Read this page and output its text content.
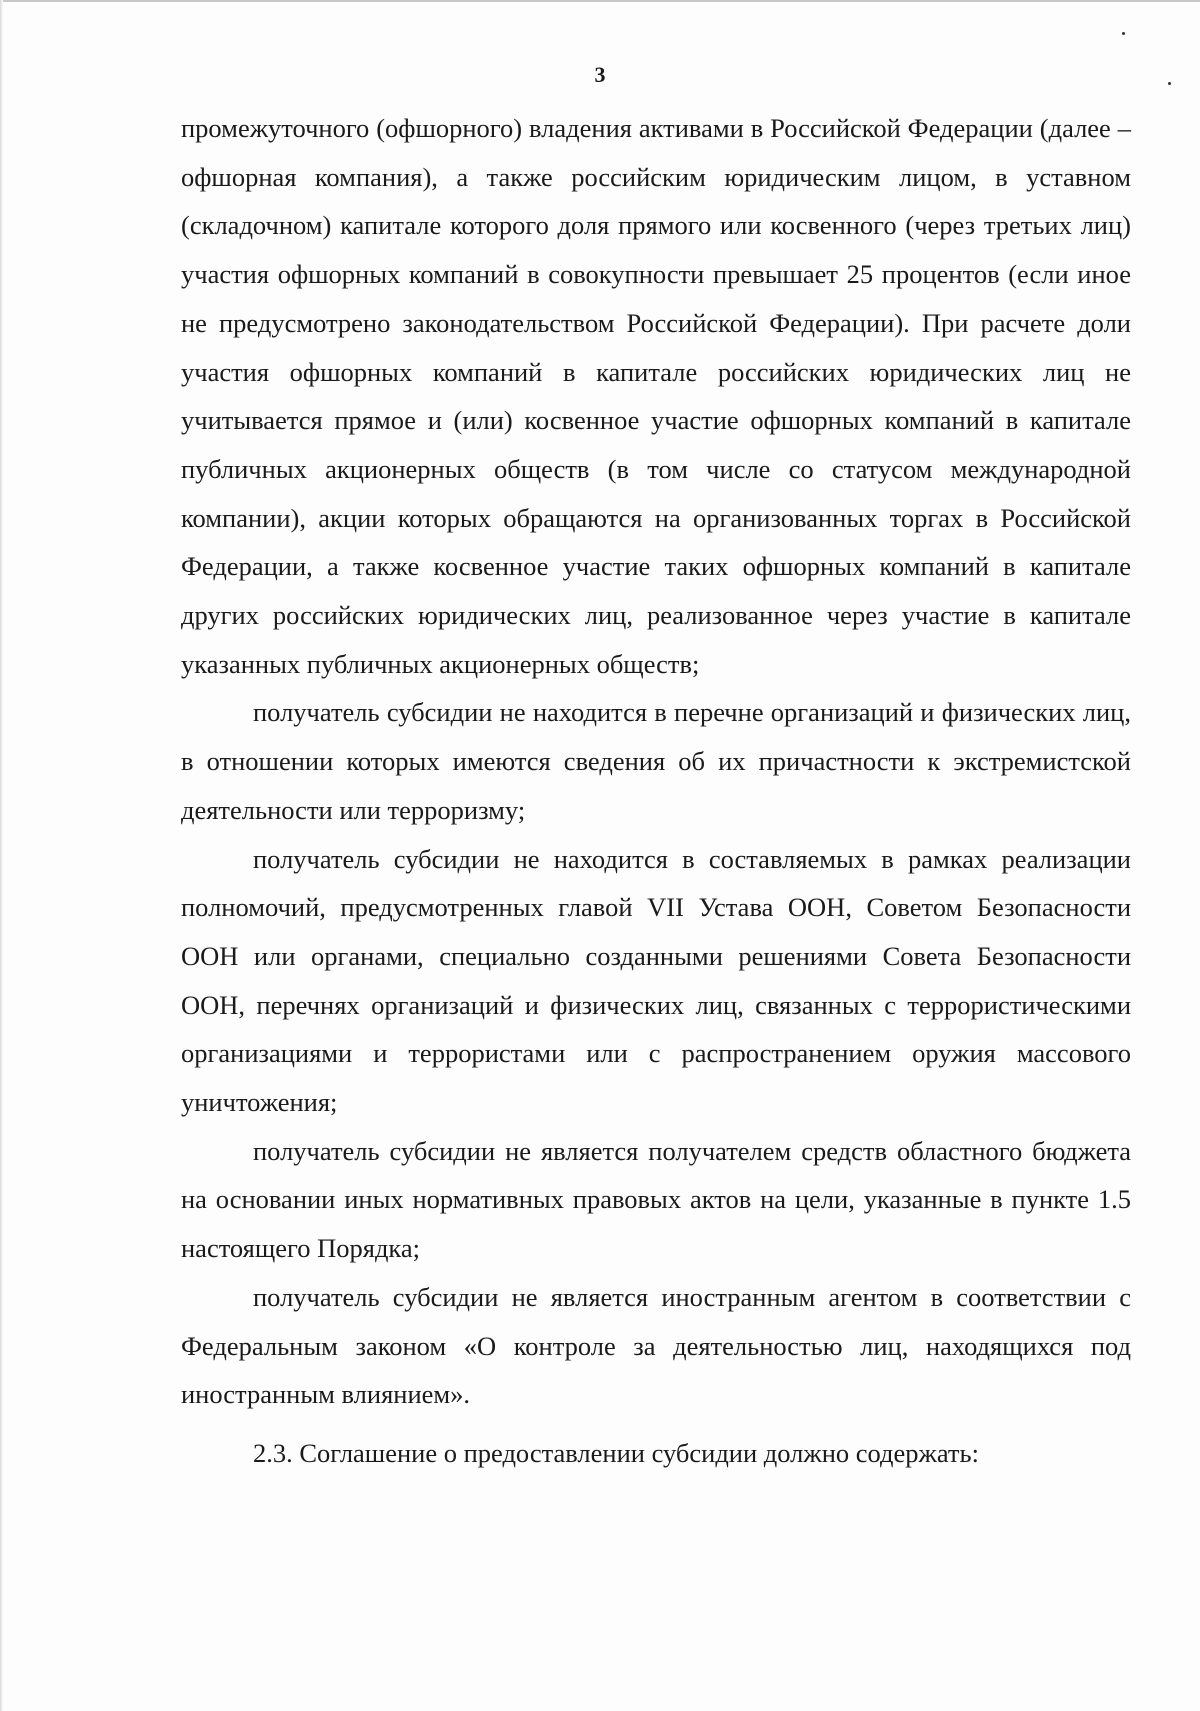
3

промежуточного (офшорного) владения активами в Российской Федерации (далее – офшорная компания), а также российским юридическим лицом, в уставном (складочном) капитале которого доля прямого или косвенного (через третьих лиц) участия офшорных компаний в совокупности превышает 25 процентов (если иное не предусмотрено законодательством Российской Федерации). При расчете доли участия офшорных компаний в капитале российских юридических лиц не учитывается прямое и (или) косвенное участие офшорных компаний в капитале публичных акционерных обществ (в том числе со статусом международной компании), акции которых обращаются на организованных торгах в Российской Федерации, а также косвенное участие таких офшорных компаний в капитале других российских юридических лиц, реализованное через участие в капитале указанных публичных акционерных обществ;

получатель субсидии не находится в перечне организаций и физических лиц, в отношении которых имеются сведения об их причастности к экстремистской деятельности или терроризму;

получатель субсидии не находится в составляемых в рамках реализации полномочий, предусмотренных главой VII Устава ООН, Советом Безопасности ООН или органами, специально созданными решениями Совета Безопасности ООН, перечнях организаций и физических лиц, связанных с террористическими организациями и террористами или с распространением оружия массового уничтожения;

получатель субсидии не является получателем средств областного бюджета на основании иных нормативных правовых актов на цели, указанные в пункте 1.5 настоящего Порядка;

получатель субсидии не является иностранным агентом в соответствии с Федеральным законом «О контроле за деятельностью лиц, находящихся под иностранным влиянием».

2.3. Соглашение о предоставлении субсидии должно содержать:
